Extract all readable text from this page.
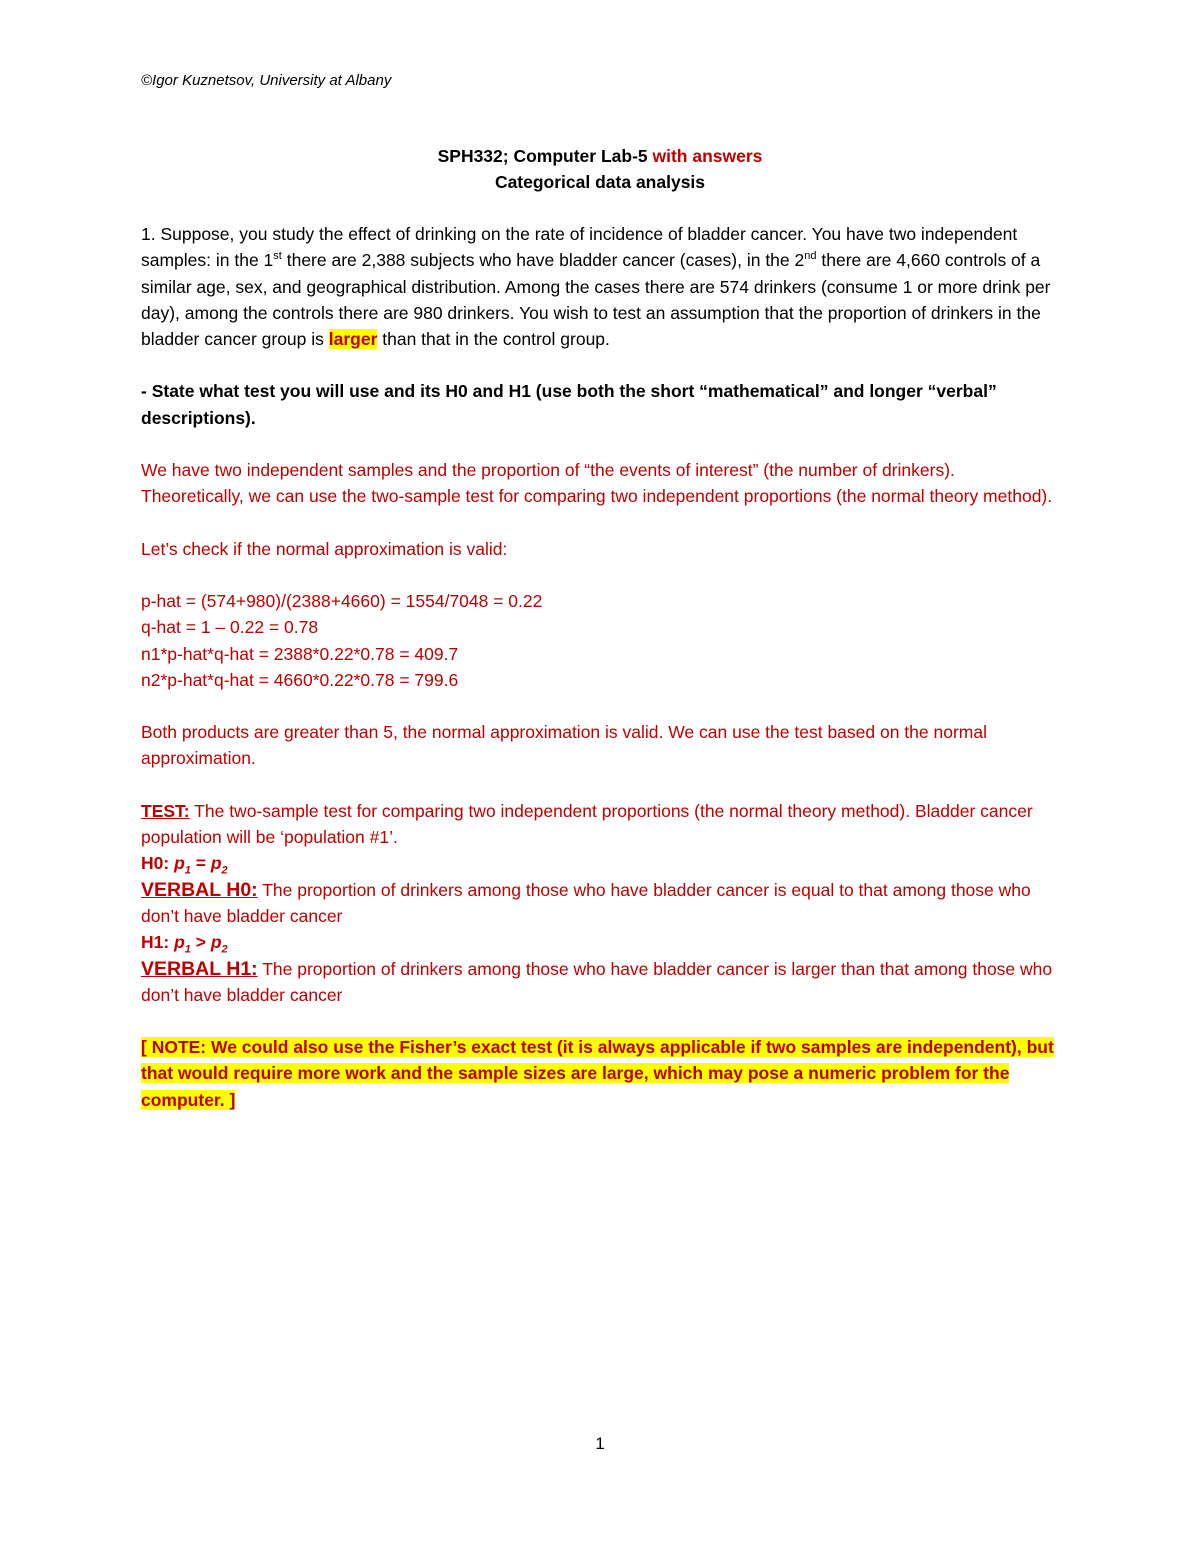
©Igor Kuznetsov, University at Albany

SPH332; Computer Lab-5 with answers

Categorical data analysis

1. Suppose, you study the effect of drinking on the rate of incidence of bladder cancer. You have two independent samples: in the 1st there are 2,388 subjects who have bladder cancer (cases), in the 2nd there are 4,660 controls of a similar age, sex, and geographical distribution. Among the cases there are 574 drinkers (consume 1 or more drink per day), among the controls there are 980 drinkers. You wish to test an assumption that the proportion of drinkers in the bladder cancer group is larger than that in the control group.

- State what test you will use and its H0 and H1 (use both the short “mathematical” and longer “verbal” descriptions).

We have two independent samples and the proportion of “the events of interest” (the number of drinkers). Theoretically, we can use the two-sample test for comparing two independent proportions (the normal theory method).

Let’s check if the normal approximation is valid:

p-hat = (574+980)/(2388+4660) = 1554/7048 = 0.22

q-hat = 1 – 0.22 = 0.78

n1*p-hat*q-hat = 2388*0.22*0.78 = 409.7

n2*p-hat*q-hat = 4660*0.22*0.78 = 799.6

Both products are greater than 5, the normal approximation is valid. We can use the test based on the normal approximation.

TEST: The two-sample test for comparing two independent proportions (the normal theory method). Bladder cancer population will be ‘population #1’.

H0: $p_1 = p_2$

VERBAL H0: The proportion of drinkers among those who have bladder cancer is equal to that among those who don’t have bladder cancer

H1: $p_1 > p_2$

VERBAL H1: The proportion of drinkers among those who have bladder cancer is larger than that among those who don’t have bladder cancer

[ NOTE: We could also use the Fisher’s exact test (it is always applicable if two samples are independent), but that would require more work and the sample sizes are large, which may pose a numeric problem for the computer. ]

1
